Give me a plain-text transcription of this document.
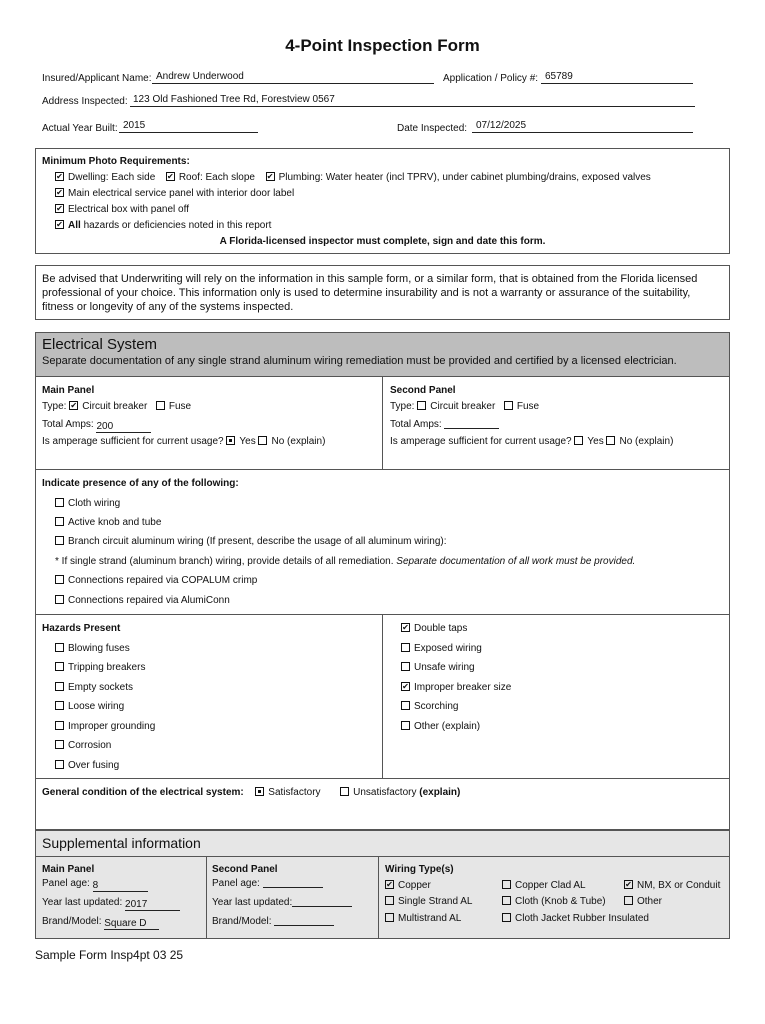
4-Point Inspection Form
Insured/Applicant Name: Andrew Underwood	Application / Policy #: 65789
Address Inspected: 123 Old Fashioned Tree Rd, Forestview 0567
Actual Year Built: 2015	Date Inspected: 07/12/2025
Minimum Photo Requirements:
✔Dwelling: Each side ✔ Roof: Each slope ✔ Plumbing: Water heater (incl TPRV), under cabinet plumbing/drains, exposed valves
✔Main electrical service panel with interior door label
✔Electrical box with panel off
✔All hazards or deficiencies noted in this report
A Florida-licensed inspector must complete, sign and date this form.
Be advised that Underwriting will rely on the information in this sample form, or a similar form, that is obtained from the Florida licensed professional of your choice. This information only is used to determine insurability and is not a warranty or assurance of the suitability, fitness or longevity of any of the systems inspected.
Electrical System
Separate documentation of any single strand aluminum wiring remediation must be provided and certified by a licensed electrician.
Main Panel
Type: ✔ Circuit breaker Fuse
Total Amps: 200
Is amperage sufficient for current usage? Yes No (explain)
Second Panel
Type: Circuit breaker Fuse
Total Amps:
Is amperage sufficient for current usage? Yes No (explain)
Indicate presence of any of the following:
Cloth wiring
Active knob and tube
Branch circuit aluminum wiring (If present, describe the usage of all aluminum wiring):
* If single strand (aluminum branch) wiring, provide details of all remediation. Separate documentation of all work must be provided.
Connections repaired via COPALUM crimp
Connections repaired via AlumiConn
Hazards Present
Blowing fuses
Tripping breakers
Empty sockets
Loose wiring
Improper grounding
Corrosion
Over fusing
✔Double taps
Exposed wiring
Unsafe wiring
✔Improper breaker size
Scorching
Other (explain)
General condition of the electrical system: Satisfactory	Unsatisfactory (explain)
Supplemental information
Main Panel
Panel age: 8
Year last updated: 2017
Brand/Model: Square D
Second Panel
Panel age:
Year last updated:
Brand/Model:
Wiring Type(s)
✔Copper
Single Strand AL
Multistrand AL
Copper Clad AL
Cloth (Knob & Tube)
Cloth Jacket Rubber Insulated
✔NM, BX or Conduit
Other
Sample Form Insp4pt 03 25
